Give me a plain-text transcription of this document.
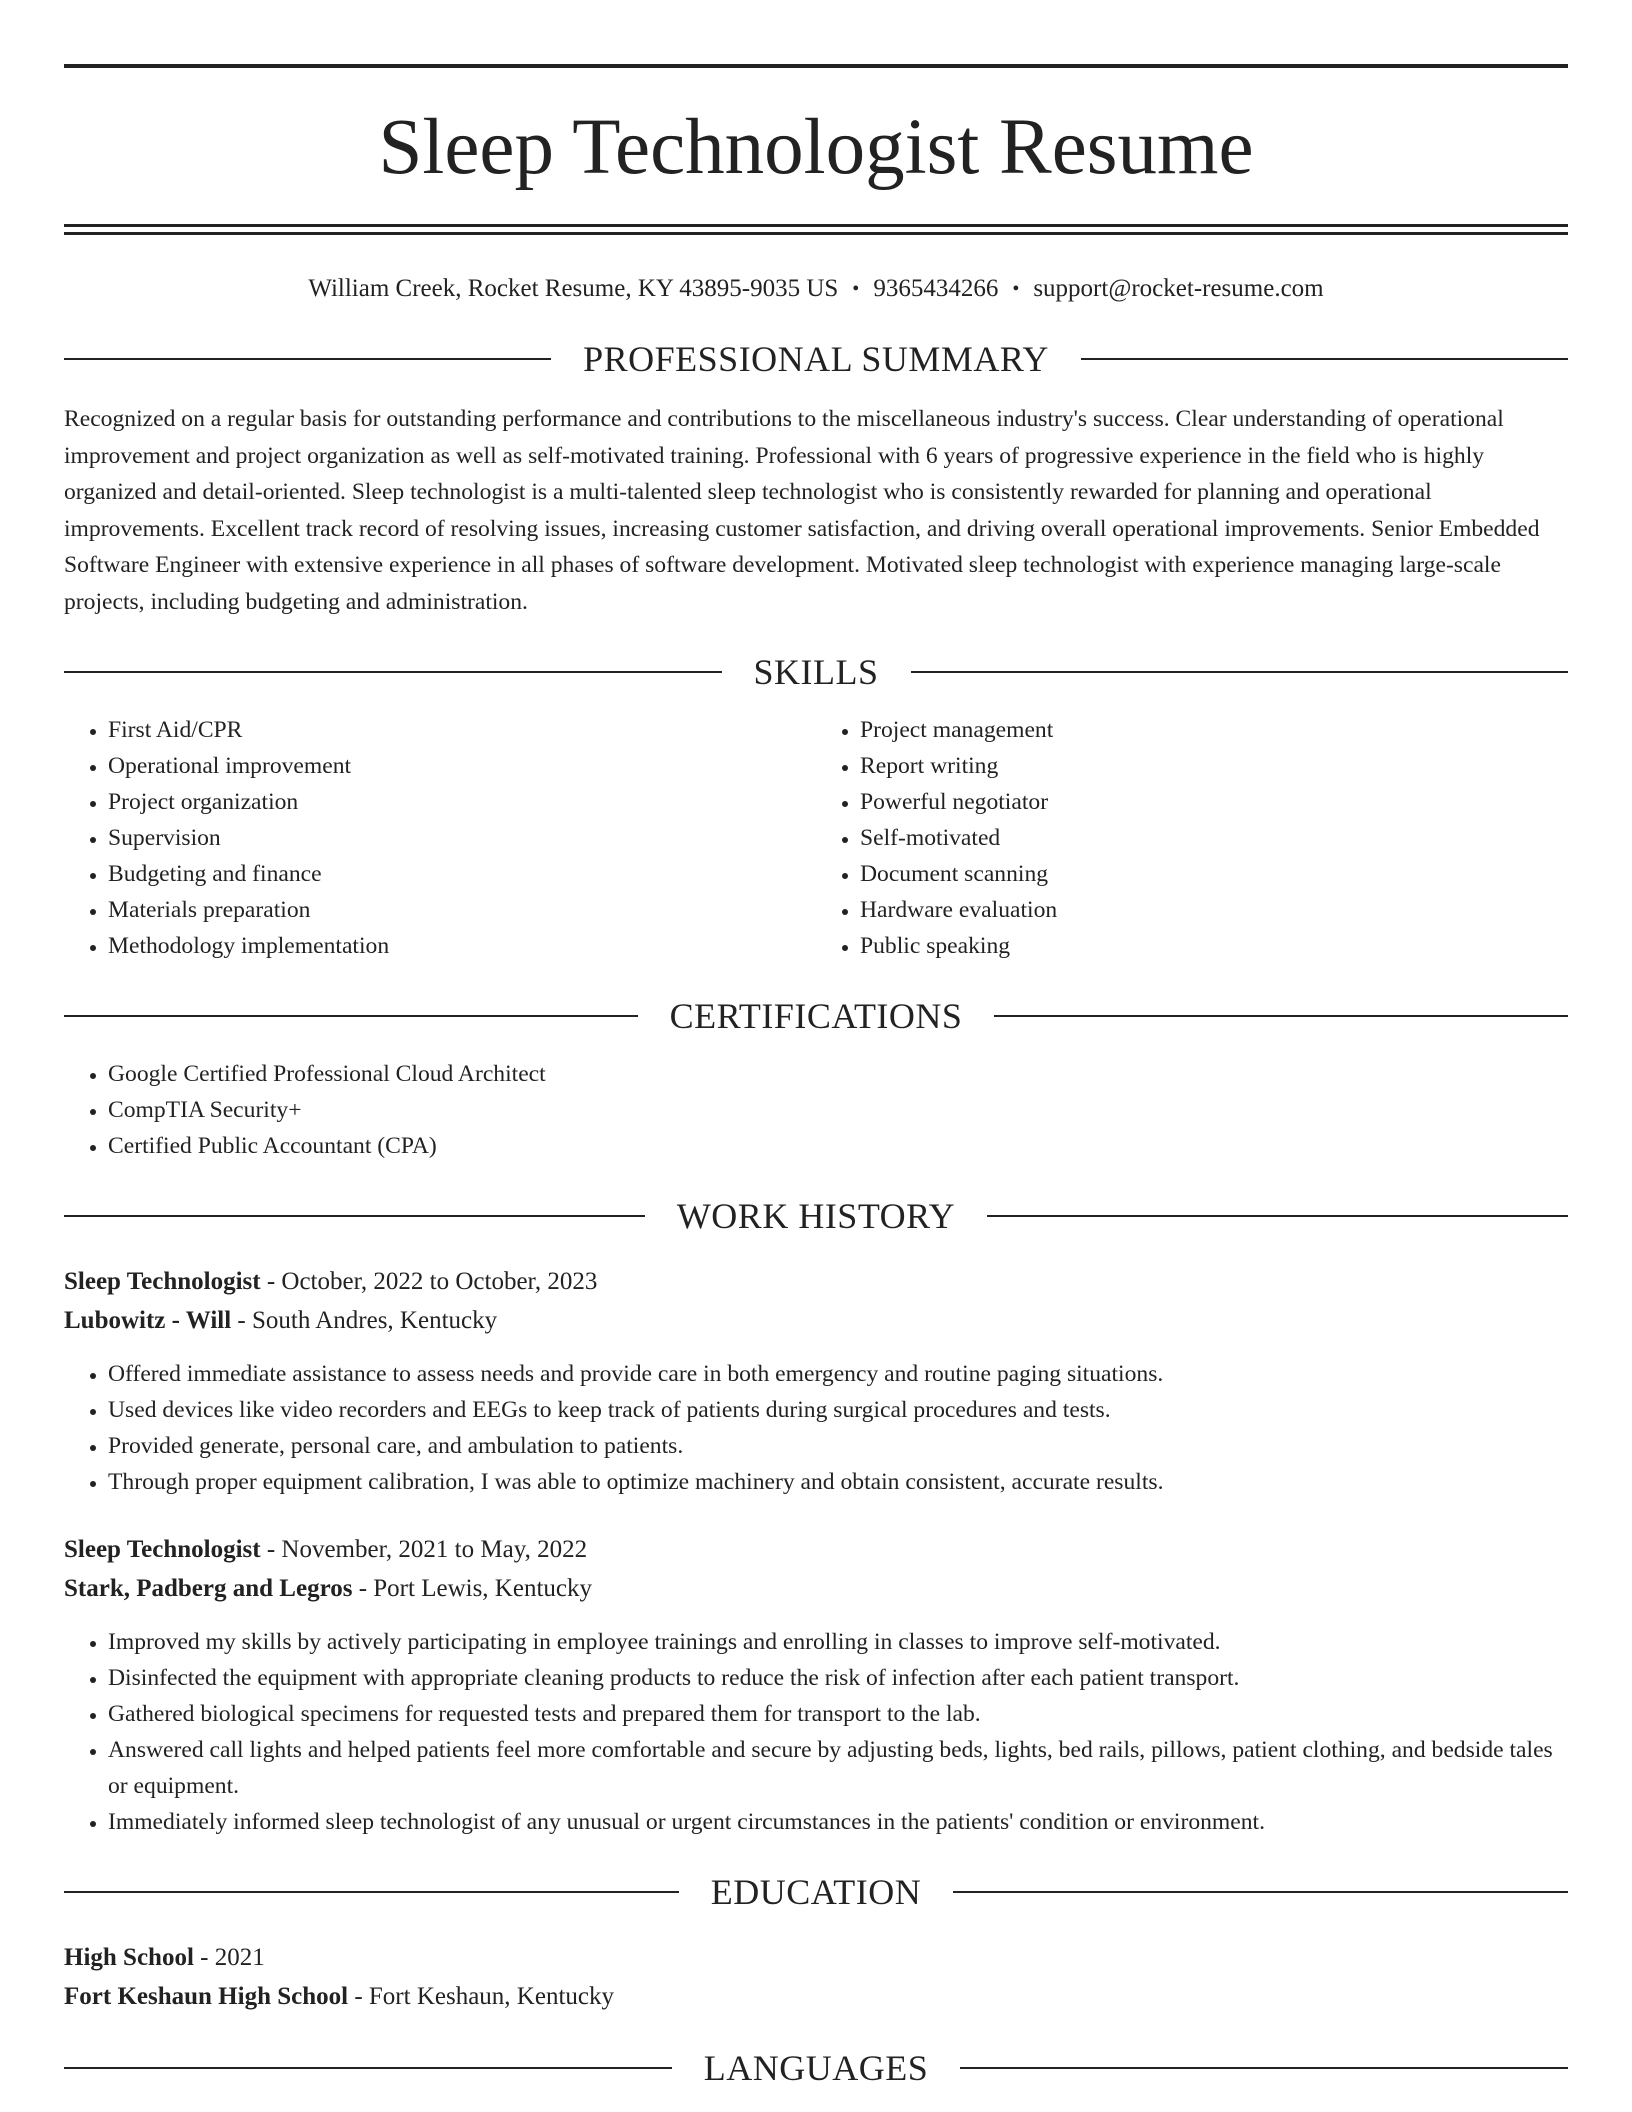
Sleep Technologist Resume
William Creek, Rocket Resume, KY 43895-9035 US • 9365434266 • support@rocket-resume.com
PROFESSIONAL SUMMARY
Recognized on a regular basis for outstanding performance and contributions to the miscellaneous industry's success. Clear understanding of operational improvement and project organization as well as self-motivated training. Professional with 6 years of progressive experience in the field who is highly organized and detail-oriented. Sleep technologist is a multi-talented sleep technologist who is consistently rewarded for planning and operational improvements. Excellent track record of resolving issues, increasing customer satisfaction, and driving overall operational improvements. Senior Embedded Software Engineer with extensive experience in all phases of software development. Motivated sleep technologist with experience managing large-scale projects, including budgeting and administration.
SKILLS
• First Aid/CPR
• Operational improvement
• Project organization
• Supervision
• Budgeting and finance
• Materials preparation
• Methodology implementation
• Project management
• Report writing
• Powerful negotiator
• Self-motivated
• Document scanning
• Hardware evaluation
• Public speaking
CERTIFICATIONS
• Google Certified Professional Cloud Architect
• CompTIA Security+
• Certified Public Accountant (CPA)
WORK HISTORY
Sleep Technologist - October, 2022 to October, 2023
Lubowitz - Will - South Andres, Kentucky
• Offered immediate assistance to assess needs and provide care in both emergency and routine paging situations.
• Used devices like video recorders and EEGs to keep track of patients during surgical procedures and tests.
• Provided generate, personal care, and ambulation to patients.
• Through proper equipment calibration, I was able to optimize machinery and obtain consistent, accurate results.
Sleep Technologist - November, 2021 to May, 2022
Stark, Padberg and Legros - Port Lewis, Kentucky
• Improved my skills by actively participating in employee trainings and enrolling in classes to improve self-motivated.
• Disinfected the equipment with appropriate cleaning products to reduce the risk of infection after each patient transport.
• Gathered biological specimens for requested tests and prepared them for transport to the lab.
• Answered call lights and helped patients feel more comfortable and secure by adjusting beds, lights, bed rails, pillows, patient clothing, and bedside tales or equipment.
• Immediately informed sleep technologist of any unusual or urgent circumstances in the patients' condition or environment.
EDUCATION
High School - 2021
Fort Keshaun High School - Fort Keshaun, Kentucky
LANGUAGES
